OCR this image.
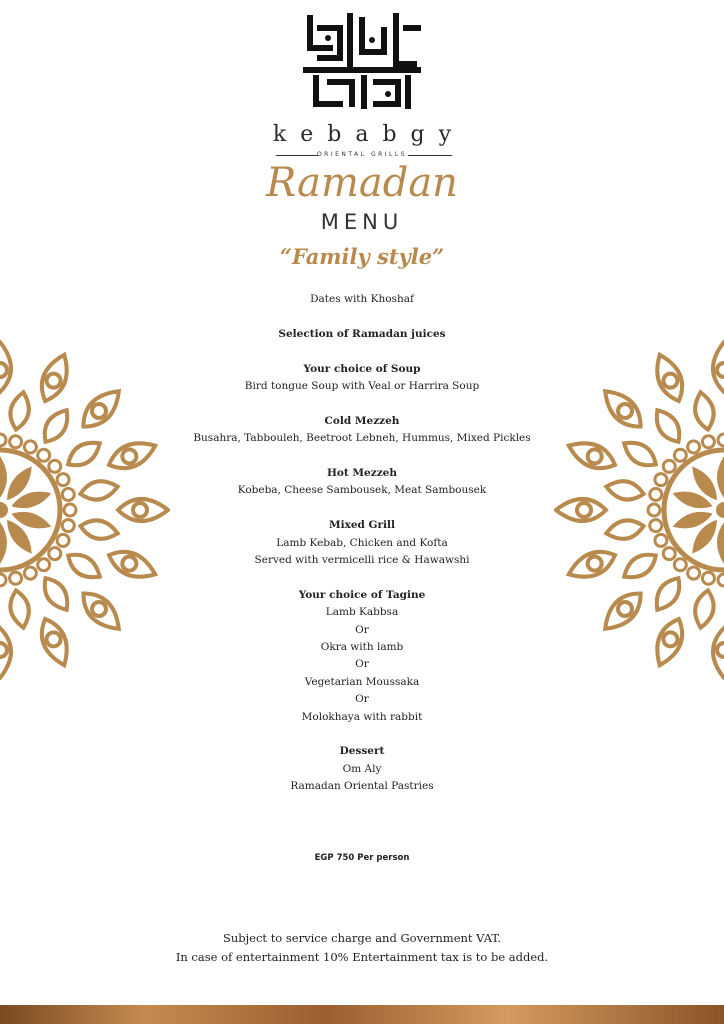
kebabgy
ORIENTAL GRILLS
Ramadan
MENU
“Family style”
Dates with Khoshaf
Selection of Ramadan juices
Your choice of Soup
Bird tongue Soup with Veal or Harrira Soup
Cold Mezzeh
Busahra, Tabbouleh, Beetroot Lebneh, Hummus, Mixed Pickles
Hot Mezzeh
Kobeba, Cheese Sambousek, Meat Sambousek
Mixed Grill
Lamb Kebab, Chicken and Kofta
Served with vermicelli rice & Hawawshi
Your choice of Tagine
Lamb Kabbsa
Or
Okra with lamb
Or
Vegetarian Moussaka
Or
Molokhaya with rabbit
Dessert
Om Aly
Ramadan Oriental Pastries
EGP 750 Per person
Subject to service charge and Government VAT.
In case of entertainment 10% Entertainment tax is to be added.
